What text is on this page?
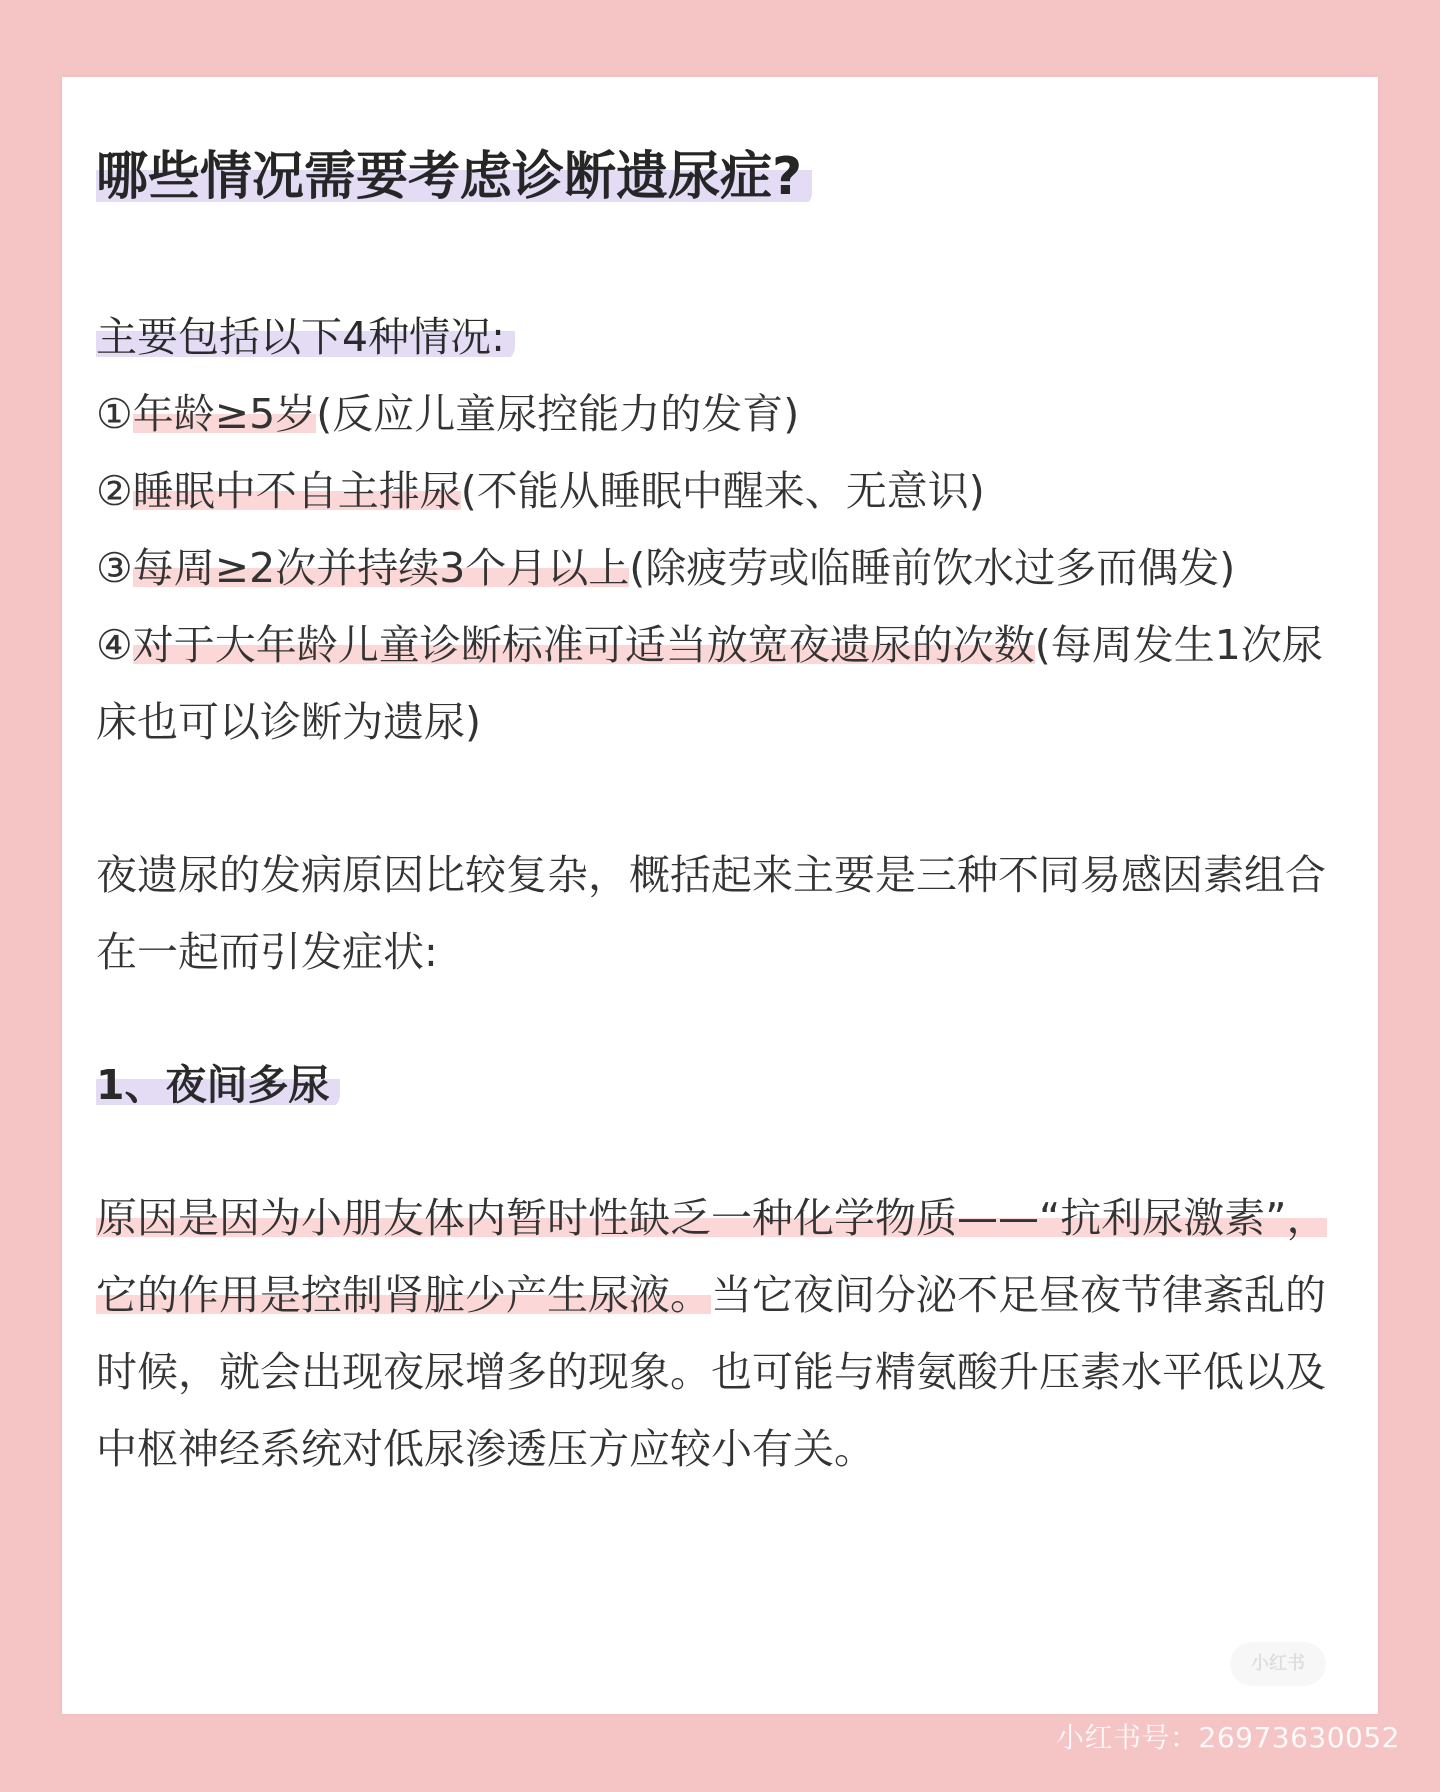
哪些情况需要考虑诊断遗尿症?

主要包括以下4种情况:

①年龄≥5岁(反应儿童尿控能力的发育)

②睡眠中不自主排尿(不能从睡眠中醒来、无意识)

③每周≥2次并持续3个月以上(除疲劳或临睡前饮水过多而偶发)

④对于大年龄儿童诊断标准可适当放宽夜遗尿的次数(每周发生1次尿床也可以诊断为遗尿)

夜遗尿的发病原因比较复杂，概括起来主要是三种不同易感因素组合在一起而引发症状:

1、夜间多尿

原因是因为小朋友体内暂时性缺乏一种化学物质——“抗利尿激素”，它的作用是控制肾脏少产生尿液。当它夜间分泌不足昼夜节律紊乱的时候，就会出现夜尿增多的现象。也可能与精氨酸升压素水平低以及中枢神经系统对低尿渗透压方应较小有关。

小红书
小红书号：26973630052
